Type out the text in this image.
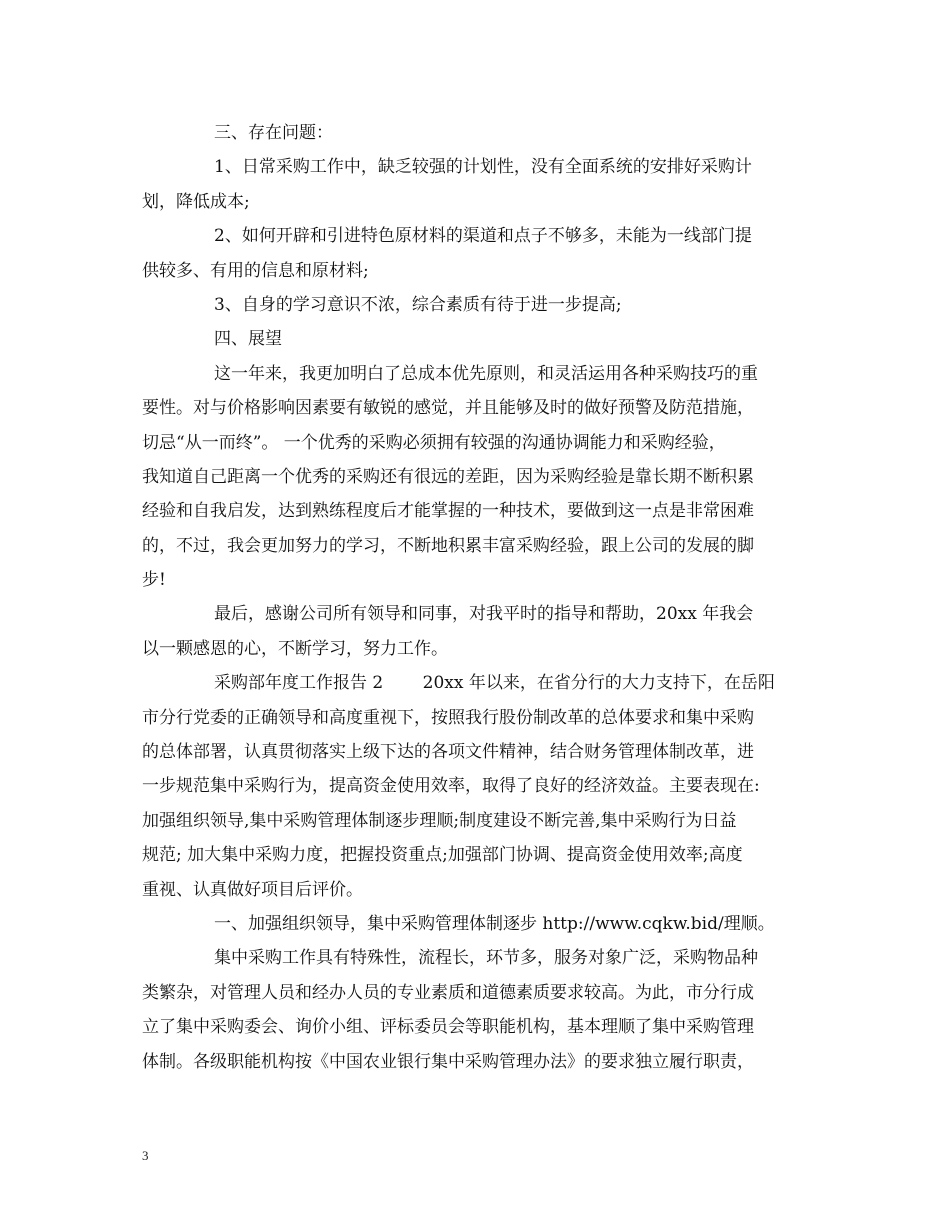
三、存在问题：
1、日常采购工作中，缺乏较强的计划性，没有全面系统的安排好采购计
划，降低成本;
2、如何开辟和引进特色原材料的渠道和点子不够多，未能为一线部门提
供较多、有用的信息和原材料;
3、自身的学习意识不浓，综合素质有待于进一步提高;
四、展望
这一年来，我更加明白了总成本优先原则，和灵活运用各种采购技巧的重
要性。对与价格影响因素要有敏锐的感觉，并且能够及时的做好预警及防范措施，
切忌“从一而终”。 一个优秀的采购必须拥有较强的沟通协调能力和采购经验，
我知道自己距离一个优秀的采购还有很远的差距，因为采购经验是靠长期不断积累
经验和自我启发，达到熟练程度后才能掌握的一种技术，要做到这一点是非常困难
的，不过，我会更加努力的学习，不断地积累丰富采购经验，跟上公司的发展的脚
步!
最后，感谢公司所有领导和同事，对我平时的指导和帮助，20xx 年我会
以一颗感恩的心，不断学习，努力工作。
采购部年度工作报告 2　　 20xx 年以来，在省分行的大力支持下，在岳阳
市分行党委的正确领导和高度重视下，按照我行股份制改革的总体要求和集中采购
的总体部署，认真贯彻落实上级下达的各项文件精神，结合财务管理体制改革，进
一步规范集中采购行为，提高资金使用效率，取得了良好的经济效益。主要表现在:
加强组织领导,集中采购管理体制逐步理顺;制度建设不断完善,集中采购行为日益
规范; 加大集中采购力度，把握投资重点;加强部门协调、提高资金使用效率;高度
重视、认真做好项目后评价。
一、加强组织领导，集中采购管理体制逐步 http://www.cqkw.bid/理顺。
集中采购工作具有特殊性，流程长，环节多，服务对象广泛，采购物品种
类繁杂，对管理人员和经办人员的专业素质和道德素质要求较高。为此，市分行成
立了集中采购委会、询价小组、评标委员会等职能机构，基本理顺了集中采购管理
体制。各级职能机构按《中国农业银行集中采购管理办法》的要求独立履行职责，
3
